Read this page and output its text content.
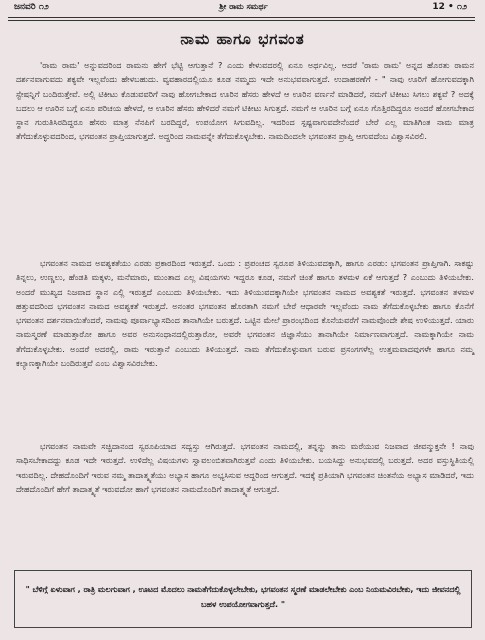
ಜನವರಿ ೧೨	ಶ್ರೀ ರಾಮ ಸಮರ್ಥ	12 • ೧೨
ನಾಮ ಹಾಗೂ ಭಗವಂತ

'ರಾಮ ರಾಮ' ಅನ್ನುವದರಿಂದ ರಾಮನು ಹೇಗೆ ಭೆಟ್ಟಿ ಆಗುತ್ತಾನೆ ? ಎಂದು ಕೇಳುವದರಲ್ಲಿ ಏನೂ ಅರ್ಥವಿಲ್ಲ. ಆದರೆ 'ರಾಮ ರಾಮ' ಅನ್ನದ ಹೊರತು ರಾಮನ ದರ್ಶನವಾಗುವದು ಶಕ್ಯವೇ ಇಲ್ಲವೆಂದು ಹೇಳಬಹುದು. ವ್ಯವಹಾರದಲ್ಲಿಯೂ ಕೂಡ ನಮ್ಮದು ಇದೇ ಅನುಭವವಾಗುತ್ತದೆ. ಉದಾಹರಣೆಗೆ - " ನಾವು ಊರಿಗೆ ಹೋಗುವದಕ್ಕಾಗಿ ಸ್ಟೇಷನ್ನಿಗೆ ಬಂದಿರುತ್ತೇವೆ. ಅಲ್ಲಿ ಟಿಕೀಟು ಕೊಡುವವರಿಗೆ ನಾವು ಹೋಗಬೇಕಾದ ಊರಿನ ಹೆಸರು ಹೇಳದೆ ಆ ಊರಿನ ವರ್ಣನೆ ಮಾಡಿದರೆ, ನಮಗೆ ಟಿಕೀಟು ಸಿಗಲು ಶಕ್ಯವೆ ? ಅದಕ್ಕೆ ಬದಲು ಆ ಊರಿನ ಬಗ್ಗೆ ಏನೂ ಪರಿಚಯ ಹೇಳದೆ, ಆ ಊರಿನ ಹೆಸರು ಹೇಳಿದರೆ ನಮಗೆ ಟಿಕೀಟು ಸಿಗುತ್ತದೆ. ನಮಗೆ ಆ ಊರಿನ ಬಗ್ಗೆ ಏನೂ ಗೊತ್ತಿರದಿದ್ದರೂ ಅಂದರೆ ಹೋಗಬೇಕಾದ ಸ್ಥಾನ ಗುರುತಿಸಿರದಿದ್ದರೂ ಹೆಸರು ಮಾತ್ರ ನೆನಪಿಗೆ ಬರದಿದ್ದರೆ, ಉಪಯೋಗ ಸಿಗುವದಿಲ್ಲ. ಇದರಿಂದ ಸ್ಪಷ್ಟವಾಗುವದೇನೆಂದರೆ ಬೇರೆ ಎಲ್ಲ ಮಾತಿಗಿಂತ ನಾಮ ಮಾತ್ರ ತೆಗೆದುಕೊಳ್ಳುವದರಿಂದ, ಭಗವಂತನ ಪ್ರಾಪ್ತಿಯಾಗುತ್ತದೆ. ಅದ್ದರಿಂದ ನಾಮವನ್ನೇ ತೆಗೆದುಕೊಳ್ಳಬೇಕು. ನಾಮದಿಂದಲೇ ಭಗವಂತನ ಪ್ರಾಪ್ತಿ ಆಗುವದೆಂಬ ವಿಶ್ವಾಸವಿರಲಿ.

ಭಗವಂತನ ನಾಮದ ಅವಶ್ಯಕತೆಯು ಎರಡು ಪ್ರಕಾರದಿಂದ ಇರುತ್ತದೆ. ಒಂದು : ಪ್ರಪಂಚದ ಸ್ವರೂಪ ತಿಳಿಯುವದಕ್ಕಾಗಿ, ಹಾಗೂ ಎರಡು: ಭಗವಂತನ ಪ್ರಾಪ್ತಿಗಾಗಿ. ಸಾಕಷ್ಟು ತಿನ್ನಲು, ಉಣ್ಣಲು, ಹೆಂಡತಿ ಮಕ್ಕಳು, ಮನೆಮಾರು, ಮುಂತಾದ ಎಲ್ಲ ವಿಷಯಗಳು ಇದ್ದರೂ ಕೂಡ, ನಮಗೆ ಚಿಂತೆ ಹಾಗೂ ತಳಮಳ ಏಕೆ ಆಗುತ್ತದೆ ? ಎಂಬುದು ತಿಳಿಯಬೇಕು. ಅಂದರೆ ಮುಖ್ಯದ ನಿಜವಾದ ಸ್ಥಾನ ಎಲ್ಲಿ ಇರುತ್ತದೆ ಎಂಬುದು ತಿಳಿಯಬೇಕು. ಇದು ತಿಳಿಯುವದಕ್ಕಾಗಿಯೇ ಭಗವಂತನ ನಾಮದ ಅವಶ್ಯಕತೆ ಇರುತ್ತದೆ. ಭಗವಂತನ ತಳಮಳ ಹತ್ತುವದರಿಂದ ಭಗವಂತನ ನಾಮದ ಅವಶ್ಯಕತೆ ಇರುತ್ತದೆ. ಅನಂತರ ಭಗವಂತನ ಹೊರತಾಗಿ ನಮಗೆ ಬೇರೆ ಆಧಾರವೇ ಇಲ್ಲವೆಂದು ನಾಮ ತೆಗೆದುಕೊಳ್ಳಬೇಕು ಹಾಗೂ ಕೊನೆಗೆ ಭಗವಂತನ ದರ್ಶನವಾಯಿತೆಂದರೆ, ನಾಮವು ಪೂರ್ವಾಭ್ಯಾಸದಿಂದ ತಾನಾಗಿಯೇ ಬರುತ್ತದೆ. ಒಟ್ಟಿನ ಮೇಲೆ ಪ್ರಾರಂಭದಿಂದ ಕೊನೆಯವರೆಗೆ ನಾಮವೊಂದೇ ಶೇಷ ಉಳಿಯುತ್ತದೆ. ಯಾರು ನಾಮಸ್ಮರಣೆ ಮಾಡುತ್ತಾರೋ ಹಾಗೂ ಅವರ ಅನುಸಂಧಾನದಲ್ಲಿರುತ್ತಾರೋ, ಅವರೇ ಭಗವಂತನ ಜಿಜ್ಞಾಸೆಯು ತಾನಾಗಿಯೇ ನಿರ್ಮಾಣವಾಗುತ್ತದೆ. ನಾಮಕ್ಕಾಗಿಯೇ ನಾಮ ತೆಗೆದುಕೊಳ್ಳಬೇಕು. ಅಂದರೆ ಅದರಲ್ಲಿ, ರಾಮ ಇರುತ್ತಾನೆ ಎಂಬುದು ತಿಳಿಯುತ್ತದೆ. ನಾಮ ತೆಗೆದುಕೊಳ್ಳುವಾಗ ಬರುವ ಪ್ರಸಂಗಗಳೆಲ್ಲ ಉತ್ತಮವಾದವುಗಳೇ ಹಾಗೂ ನಮ್ಮ ಕಲ್ಯಾಣಕ್ಕಾಗಿಯೇ ಬಂದಿರುತ್ತವೆ ಎಂಬ ವಿಶ್ವಾಸವಿರಬೇಕು.

ಭಗವಂತನ ನಾಮವೇ ಸಚ್ಚಿದಾನಂದ ಸ್ವರೂಪಿಯಾದ ಸದ್ವಸ್ತು ಆಗಿರುತ್ತದೆ. ಭಗವಂತನ ನಾಮದಲ್ಲಿ, ತನ್ನನ್ನು ತಾನು ಮರೆಯುವ ನಿಜವಾದ ಜೀವನ್ಮುಕ್ತನೇ ! ನಾವು ಸಾಧಿಸಬೇಕಾದದ್ದು ಕೂಡ ಇದೇ ಇರುತ್ತದೆ. ಉಳಿದೆಲ್ಲ ವಿಷಯಗಳು ಸ್ವಾವಲಂಬಿತವಾಗಿರುತ್ತವೆ ಎಂದು ತಿಳಿಯಬೇಕು. ಬಯಸಿದ್ದು ಅನುಭವದಲ್ಲಿ ಬರುತ್ತದೆ. ಅದರ ವಸ್ತುಸ್ಥಿತಿಯಲ್ಲಿ ಇರುವದಿಲ್ಲ. ದೇಹದೊಂದಿಗೆ ಇರುವ ನಮ್ಮ ತಾದಾತ್ಮ್ಯತೆಯು ಅಭ್ಯಾಸ ಹಾಗೂ ಅಭ್ಯಸಿಸುವ ಆದ್ದರಿಂದ ಆಗುತ್ತದೆ. ಇದಕ್ಕೆ ಪ್ರತಿಯಾಗಿ ಭಗವಂತನ ಚಿಂತನೆಯ ಅಭ್ಯಾಸ ಮಾಡಿದರೆ, ಇದು ದೇಹದೊಂದಿಗೆ ಹೇಗೆ ತಾದಾತ್ಮ್ಯತೆ ಇರುವದೋ ಹಾಗೆ ಭಗವಂತನ ನಾಮದೊಂದಿಗೆ ತಾದಾತ್ಮ್ಯತೆ ಆಗುತ್ತದೆ.

" ಬೆಳಿಗ್ಗೆ ಏಳುವಾಗ , ರಾತ್ರಿ ಮಲಗುವಾಗ , ಊಟದ ಮೊದಲು ನಾಮತೆಗೆದುಕೊಳ್ಳಲೇಬೇಕು, ಭಗವಂತನ ಸ್ಮರಣೆ ಮಾಡಲೇಬೇಕು ಎಂಬ ನಿಯಮವಿರಬೇಕು, ಇದು ಜೀವನದಲ್ಲಿ ಬಹಳ ಉಪಯೋಗವಾಗುತ್ತದೆ. "
